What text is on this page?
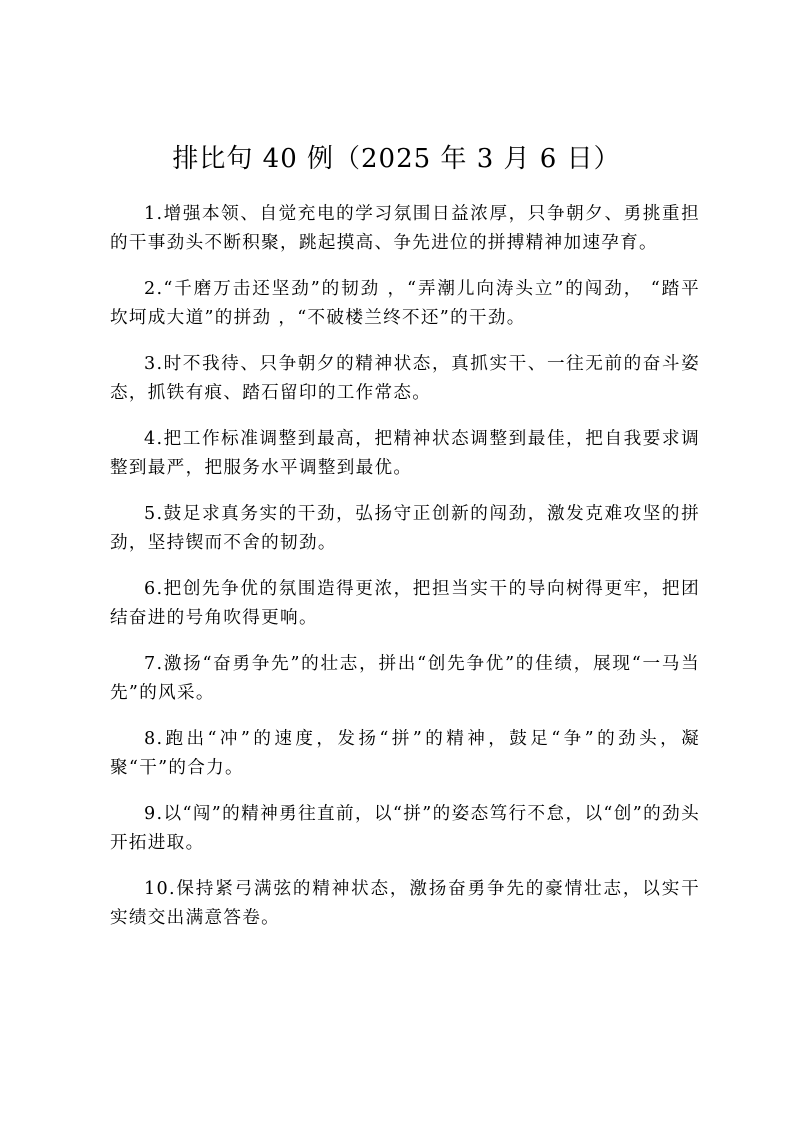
排比句 40 例（2025 年 3 月 6 日）

1.增强本领、自觉充电的学习氛围日益浓厚，只争朝夕、勇挑重担的干事劲头不断积聚，跳起摸高、争先进位的拼搏精神加速孕育。

2.“千磨万击还坚劲”的韧劲 ，“弄潮儿向涛头立”的闯劲， “踏平坎坷成大道”的拼劲 ，“不破楼兰终不还”的干劲。

3.时不我待、只争朝夕的精神状态，真抓实干、一往无前的奋斗姿态，抓铁有痕、踏石留印的工作常态。

4.把工作标准调整到最高，把精神状态调整到最佳，把自我要求调整到最严，把服务水平调整到最优。

5.鼓足求真务实的干劲，弘扬守正创新的闯劲，激发克难攻坚的拼劲，坚持锲而不舍的韧劲。

6.把创先争优的氛围造得更浓，把担当实干的导向树得更牢，把团结奋进的号角吹得更响。

7.激扬“奋勇争先”的壮志，拼出“创先争优”的佳绩，展现“一马当先”的风采。

8.跑出“冲”的速度，发扬“拼”的精神，鼓足“争”的劲头，凝聚“干”的合力。

9.以“闯”的精神勇往直前，以“拼”的姿态笃行不怠，以“创”的劲头开拓进取。

10.保持紧弓满弦的精神状态，激扬奋勇争先的豪情壮志，以实干实绩交出满意答卷。
